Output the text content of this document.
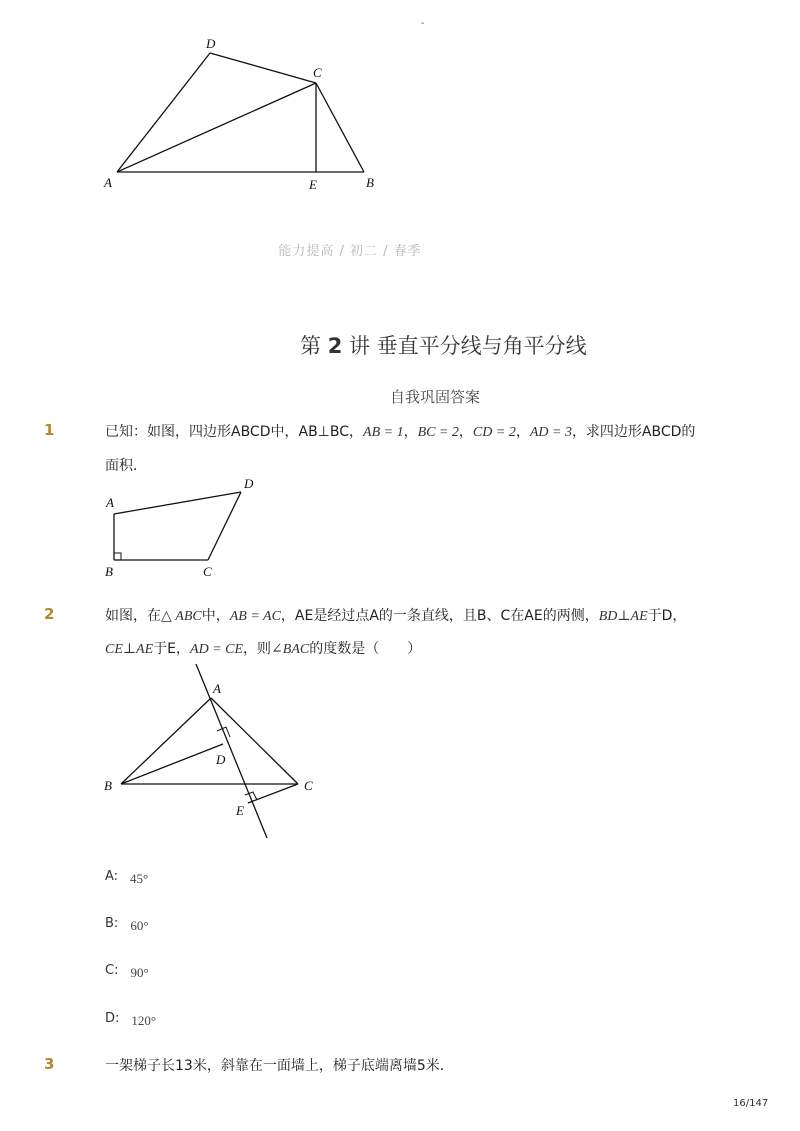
-
D
C
A	E	B
能力提高 / 初二 / 春季
第 2 讲 垂直平分线与角平分线
自我巩固答案
1	已知：如图，四边形ABCD中，AB⊥BC，AB = 1，BC = 2，CD = 2，AD = 3，求四边形ABCD的
面积．
A
D
B	C
2	如图，在△ ABC中，AB = AC，AE是经过点A的一条直线，且B、C在AE的两侧，BD⊥AE于D，
CE⊥AE于E，AD = CE，则∠BAC的度数是（　　）
A
B	C
D
E
A: 45°
B: 60°
C: 90°
D: 120°
3	一架梯子长13米，斜靠在一面墙上，梯子底端离墙5米．
16/147
